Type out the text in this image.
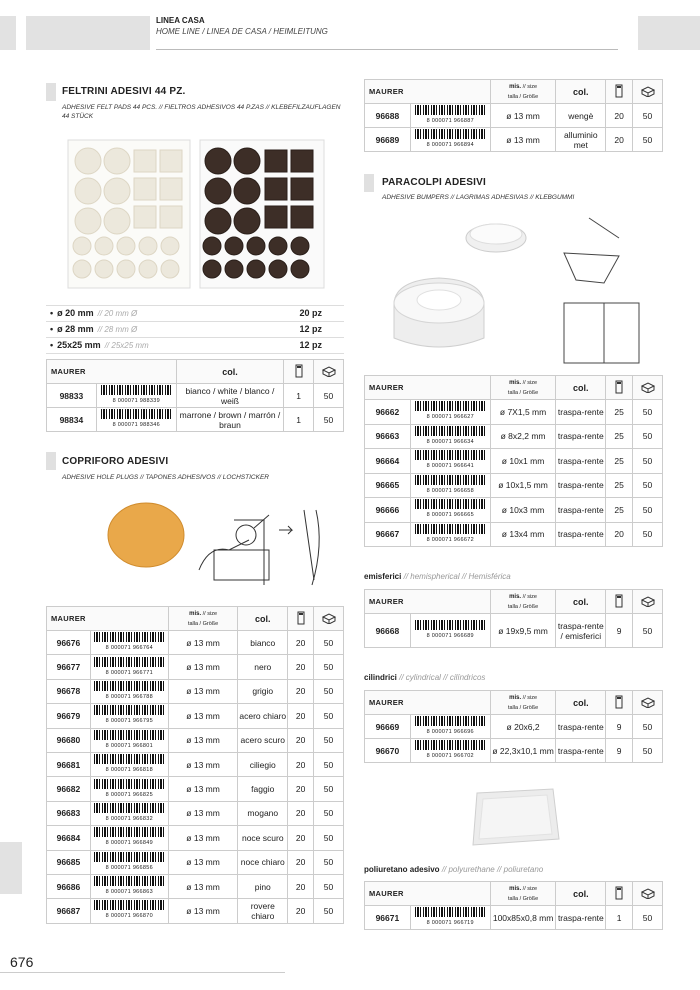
LINEA CASA
HOME LINE / LINEA DE CASA / HEIMLEITUNG
FELTRINI ADESIVI 44 PZ.
ADHESIVE FELT PADS 44 PCS. // FIELTROS ADHESIVOS 44 P.ZAS // KLEBEFILZAUFLAGEN 44 STÜCK
• ø 20 mm // 20 mm Ø	20 pz
• ø 28 mm // 28 mm Ø	12 pz
• 25x25 mm // 25x25 mm	12 pz
MAURER		col.		
98833	8 000071 988339	bianco / white / blanco / weiß	1	50
98834	8 000071 988346	marrone / brown / marrón / braun	1	50
COPRIFORO ADESIVI
ADHESIVE HOLE PLUGS // TAPONES ADHESIVOS // LOCHSTICKER
MAURER		mis. // size
talla / Größe	col.		
96676	8 000071 966764	ø 13 mm	bianco	20	50
96677	8 000071 966771	ø 13 mm	nero	20	50
96678	8 000071 966788	ø 13 mm	grigio	20	50
96679	8 000071 966795	ø 13 mm	acero chiaro	20	50
96680	8 000071 966801	ø 13 mm	acero scuro	20	50
96681	8 000071 966818	ø 13 mm	ciliegio	20	50
96682	8 000071 966825	ø 13 mm	faggio	20	50
96683	8 000071 966832	ø 13 mm	mogano	20	50
96684	8 000071 966849	ø 13 mm	noce scuro	20	50
96685	8 000071 966856	ø 13 mm	noce chiaro	20	50
96686	8 000071 966863	ø 13 mm	pino	20	50
96687	8 000071 966870	ø 13 mm	rovere chiaro	20	50
MAURER		mis. // size
talla / Größe	col.		
96688	8 000071 966887	ø 13 mm	wengè	20	50
96689	8 000071 966894	ø 13 mm	alluminio met	20	50
PARACOLPI ADESIVI
ADHESIVE BUMPERS // LAGRIMAS ADHESIVAS // KLEBGUMMI
MAURER		mis. // size
talla / Größe	col.		
96662	8 000071 966627	ø 7X1,5 mm	traspa-rente	25	50
96663	8 000071 966634	ø 8x2,2 mm	traspa-rente	25	50
96664	8 000071 966641	ø 10x1 mm	traspa-rente	25	50
96665	8 000071 966658	ø 10x1,5 mm	traspa-rente	25	50
96666	8 000071 966665	ø 10x3 mm	traspa-rente	25	50
96667	8 000071 966672	ø 13x4 mm	traspa-rente	20	50
emisferici // hemispherical // Hemisférica
MAURER		mis. // size
talla / Größe	col.		
96668	8 000071 966689	ø 19x9,5 mm	traspa-rente / emisferici	9	50
cilindrici // cylindrical // cilíndricos
MAURER		mis. // size
talla / Größe	col.		
96669	8 000071 966696	ø 20x6,2	traspa-rente	9	50
96670	8 000071 966702	ø 22,3x10,1 mm	traspa-rente	9	50
poliuretano adesivo // polyurethane // poliuretano
MAURER		mis. // size
talla / Größe	col.		
96671	8 000071 966719	100x85x0,8 mm	traspa-rente	1	50
676
